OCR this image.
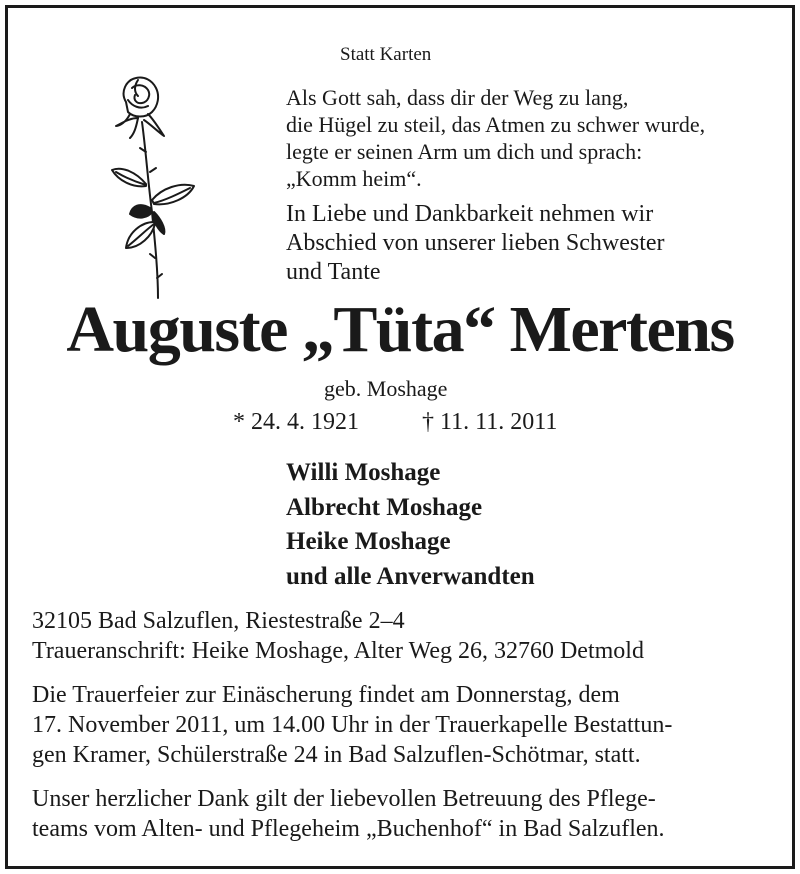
Statt Karten
Als Gott sah, dass dir der Weg zu lang,
die Hügel zu steil, das Atmen zu schwer wurde,
legte er seinen Arm um dich und sprach:
„Komm heim“.
In Liebe und Dankbarkeit nehmen wir
Abschied von unserer lieben Schwester
und Tante
Auguste „Tüta“ Mertens
geb. Moshage
* 24. 4. 1921	† 11. 11. 2011
Willi Moshage
Albrecht Moshage
Heike Moshage
und alle Anverwandten
32105 Bad Salzuflen, Riestestraße 2–4
Traueranschrift: Heike Moshage, Alter Weg 26, 32760 Detmold
Die Trauerfeier zur Einäscherung findet am Donnerstag, dem
17. November 2011, um 14.00 Uhr in der Trauerkapelle Bestattun-
gen Kramer, Schülerstraße 24 in Bad Salzuflen-Schötmar, statt.
Unser herzlicher Dank gilt der liebevollen Betreuung des Pflege-
teams vom Alten- und Pflegeheim „Buchenhof“ in Bad Salzuflen.
